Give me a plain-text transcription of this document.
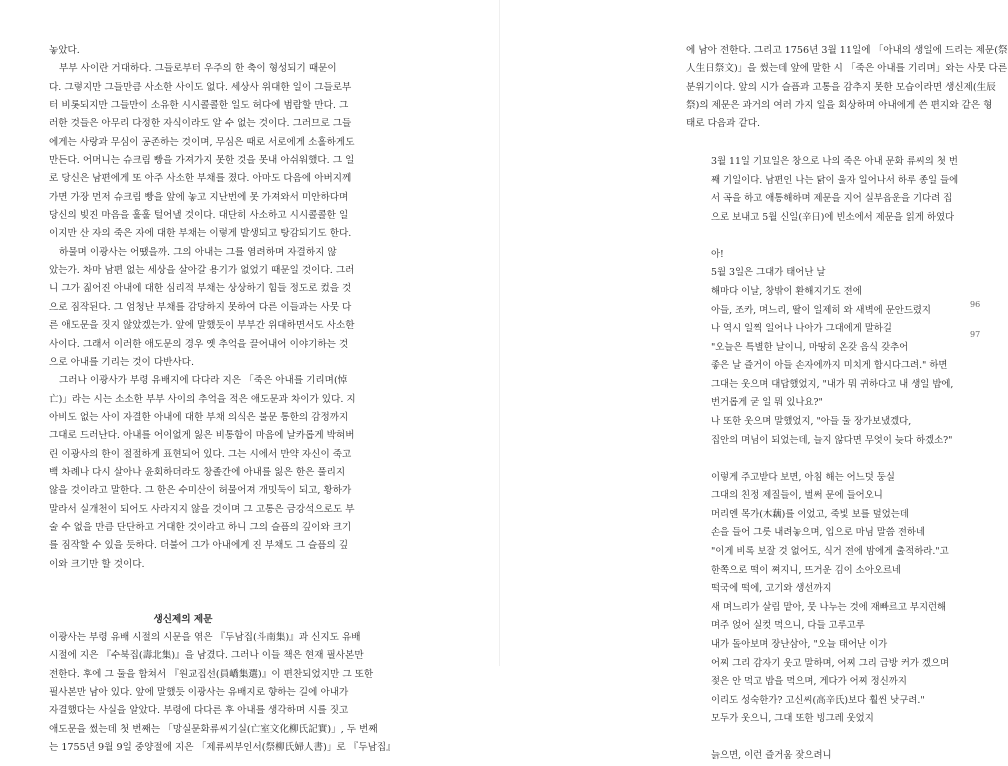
놓았다.
부부 사이란 거대하다. 그들로부터 우주의 한 축이 형성되기 때문이
다. 그렇지만 그들만큼 사소한 사이도 없다. 세상사 위대한 일이 그들로부
터 비롯되지만 그들만이 소유한 시시콜콜한 일도 허다에 범람할 만다. 그
러한 것들은 아무리 다정한 자식이라도 알 수 없는 것이다. 그러므로 그들
에게는 사랑과 무심이 공존하는 것이며, 무심은 때로 서로에게 소홀하게도
만든다. 어머니는 슈크림 빵을 가져가지 못한 것을 못내 아쉬워했다. 그 일
로 당신은 남편에게 또 아주 사소한 부채를 졌다. 아마도 다음에 아버지께
가면 가장 먼저 슈크림 빵을 앞에 놓고 지난번에 못 가져와서 미안하다며
당신의 빚진 마음을 훌훌 털어낼 것이다. 대단히 사소하고 시시콜콜한 일
이지만 산 자의 죽은 자에 대한 부채는 이렇게 발생되고 탕감되기도 한다.
하물며 이광사는 어땠을까. 그의 아내는 그를 염려하며 자결하지 않
았는가. 차마 남편 없는 세상을 살아갈 용기가 없었기 때문일 것이다. 그러
니 그가 짊어진 아내에 대한 심리적 부채는 상상하기 힘들 정도로 컸을 것
으로 짐작된다. 그 엄청난 부채를 감당하지 못하여 다른 이들과는 사뭇 다
른 애도문을 짓지 않았겠는가. 앞에 말했듯이 부부간 위대하면서도 사소한
사이다. 그래서 이러한 애도문의 경우 옛 추억을 끌어내어 이야기하는 것
으로 아내를 기리는 것이 다반사다.
그러나 이광사가 부령 유배지에 다다라 지은 「죽은 아내를 기리며(悼
亡)」라는 시는 소소한 부부 사이의 추억을 적은 애도문과 차이가 있다. 지
아비도 없는 사이 자결한 아내에 대한 부채 의식은 불문 통한의 감정까지
그대로 드러난다. 아내를 어이없게 잃은 비통함이 마음에 날카롭게 박혀버
린 이광사의 한이 절절하게 표현되어 있다. 그는 시에서 만약 자신이 죽고
백 차례나 다시 살아나 윤회하더라도 창졸간에 아내를 잃은 한은 풀리지
않을 것이라고 말한다. 그 한은 수미산이 허물어져 개밋둑이 되고, 황하가
말라서 실개천이 되어도 사라지지 않을 것이며 그 고통은 금강석으로도 부
술 수 없을 만큼 단단하고 거대한 것이라고 하니 그의 슬픔의 깊이와 크기
를 짐작할 수 있을 듯하다. 더불어 그가 아내에게 진 부채도 그 슬픔의 깊
이와 크기만 할 것이다.
생신제의 제문
이광사는 부령 유배 시절의 시문을 엮은 『두남집(斗南集)』과 신지도 유배
시절에 지은 『수북집(壽北集)』을 남겼다. 그러나 이들 책은 현재 필사본만
전한다. 후에 그 둘을 합쳐서 『원교집선(員嶠集選)』이 편찬되었지만 그 또한
필사본만 남아 있다. 앞에 말했듯 이광사는 유배지로 향하는 길에 아내가
자결했다는 사실을 알았다. 부령에 다다른 후 아내를 생각하며 시를 짓고
애도문을 썼는데 첫 번째는 「망실문화류씨기실(亡室文化柳氏記實)」, 두 번째
는 1755년 9월 9일 중양절에 지은 「제류씨부인서(祭柳氏婦人書)」로 『두남집』
에 남아 전한다. 그리고 1756년 3월 11일에 「아내의 생일에 드리는 제문(祭
人生日祭文)」을 썼는데 앞에 말한 시 「죽은 아내를 기리며」와는 사뭇 다른
분위기이다. 앞의 시가 슬픔과 고통을 감추지 못한 모습이라면 생신제(生辰
祭)의 제문은 과거의 여러 가지 일을 회상하며 아내에게 쓴 편지와 같은 형
태로 다음과 같다.
3월 11일 기묘일은 창으로 나의 죽은 아내 문화 류씨의 첫 번
째 기일이다. 남편인 나는 닭이 울자 일어나서 하루 종일 들에
서 곡을 하고 애통해하며 제문을 지어 실부읍운을 기다려 집
으로 보내고 5월 신일(辛日)에 빈소에서 제문을 읽게 하였다
아!
5월 3일은 그대가 태어난 날
해마다 이날, 창밖이 환해지기도 전에
아들, 조카, 며느리, 딸이 일제히 와 새벽에 문안드렸지
나 역시 일찍 일어나 나아가 그대에게 말하길
"오늘은 특별한 날이니, 마땅히 온갖 음식 갖추어
좋은 날 즐거이 아들 손자에까지 미치게 합시다그려." 하면
그대는 웃으며 대답했었지, "내가 뭐 귀하다고 내 생일 밥에,
번거롭게 굳 일 뭐 있나요?"
나 또한 웃으며 말했었지, "아들 둘 장가보냈겠다,
집안의 며님이 되었는데, 늘지 않다면 무엇이 늦다 하겠소?"
이렇게 주고받다 보면, 아침 해는 어느덧 둥실
그대의 친정 제질들이, 벌써 문에 들어오니
머리엔 목가(木藕)를 이었고, 죽빛 보를 덮었는데
손을 들어 그릇 내려놓으며, 입으로 마님 말씀 전하네
"이게 비록 보잘 것 없어도, 식거 전에 밤에게 출적하라."고
한쪽으로 떡이 쪄지니, 뜨거운 김이 소아오르네
떡국에 떡에, 고기와 생선까지
새 며느리가 살림 맡아, 뭇 나누는 것에 재빠르고 부지런해
며주 얹어 실컷 먹으니, 다들 고루고루
내가 돌아보며 장난삼아, "오늘 태어난 이가
어찌 그리 감자기 웃고 말하며, 어찌 그리 급방 커가 겠으며
젖은 안 먹고 밥을 먹으며, 게다가 어찌 정신까지
이리도 성숙한가? 고신씨(高辛氏)보다 훨씬 낫구려."
모두가 웃으니, 그대 또한 빙그레 웃었지
늙으면, 이런 즐거움 잦으려니
96
97
